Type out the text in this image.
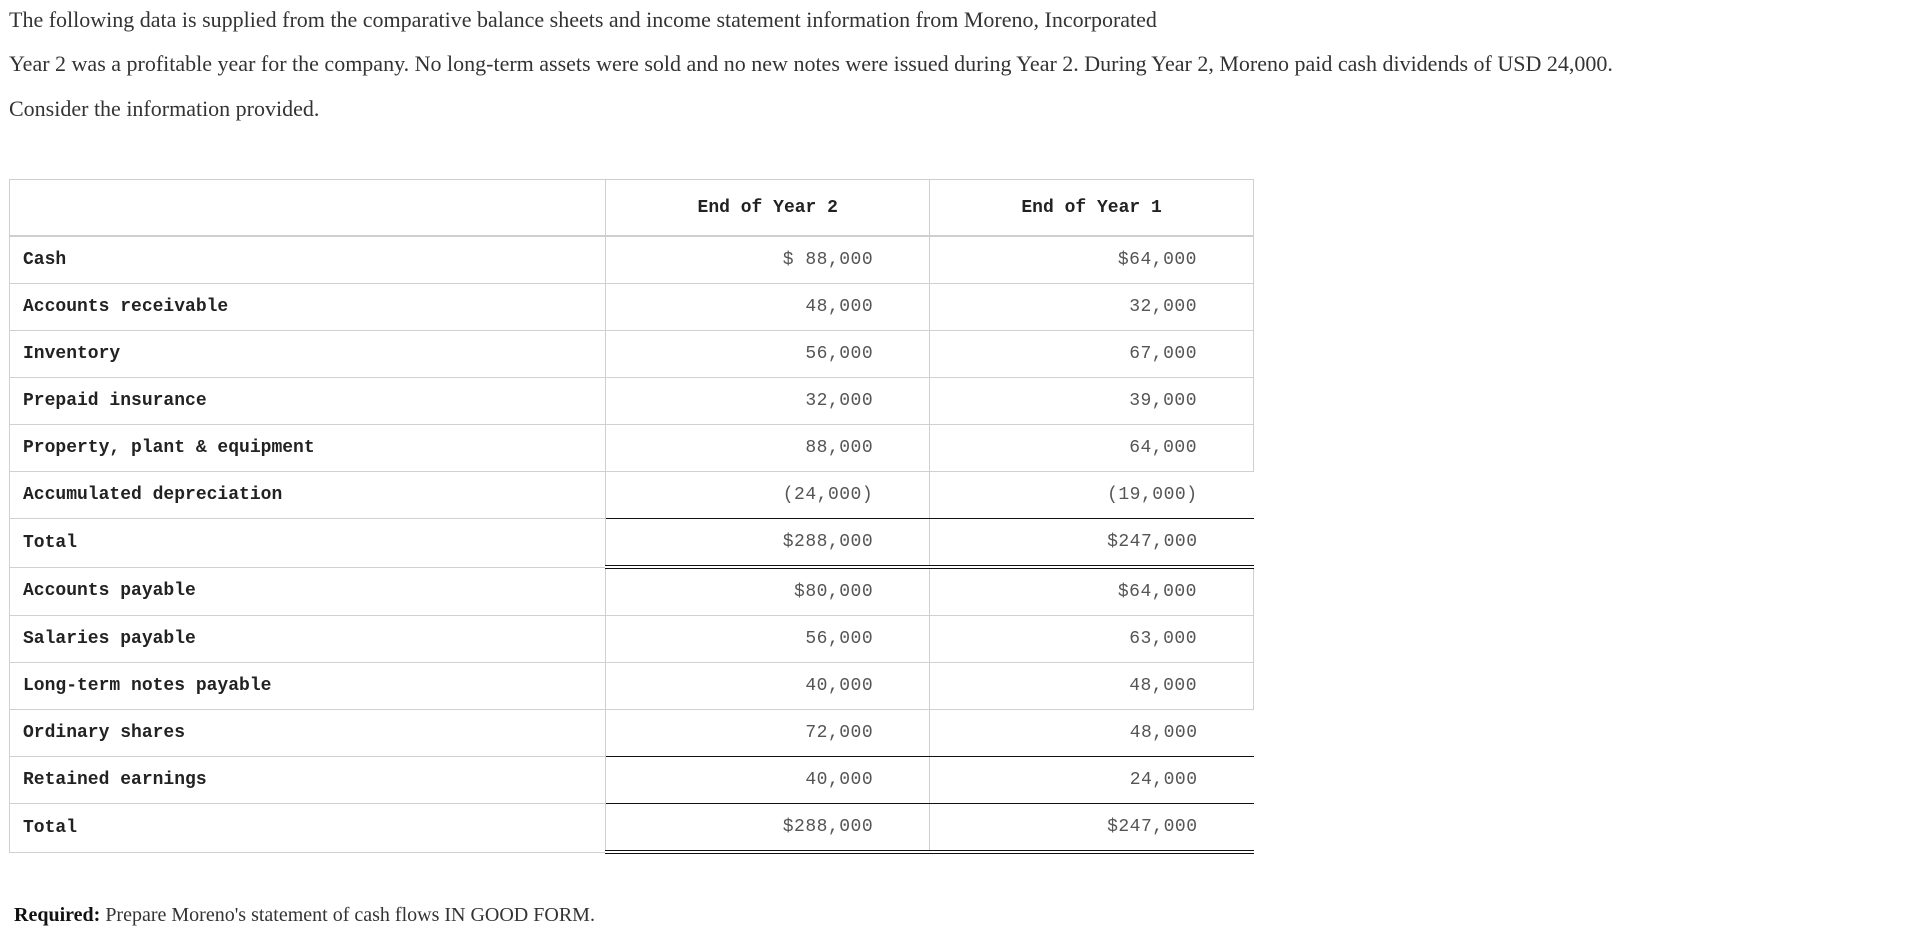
The following data is supplied from the comparative balance sheets and income statement information from Moreno, Incorporated

Year 2 was a profitable year for the company. No long-term assets were sold and no new notes were issued during Year 2. During Year 2, Moreno paid cash dividends of USD 24,000.

Consider the information provided.

	End of Year 2	End of Year 1
Cash	$ 88,000	$64,000
Accounts receivable	48,000	32,000
Inventory	56,000	67,000
Prepaid insurance	32,000	39,000
Property, plant & equipment	88,000	64,000
Accumulated depreciation	(24,000)	(19,000)
Total	$288,000	$247,000
Accounts payable	$80,000	$64,000
Salaries payable	56,000	63,000
Long-term notes payable	40,000	48,000
Ordinary shares	72,000	48,000
Retained earnings	40,000	24,000
Total	$288,000	$247,000
Required: Prepare Moreno's statement of cash flows IN GOOD FORM.
